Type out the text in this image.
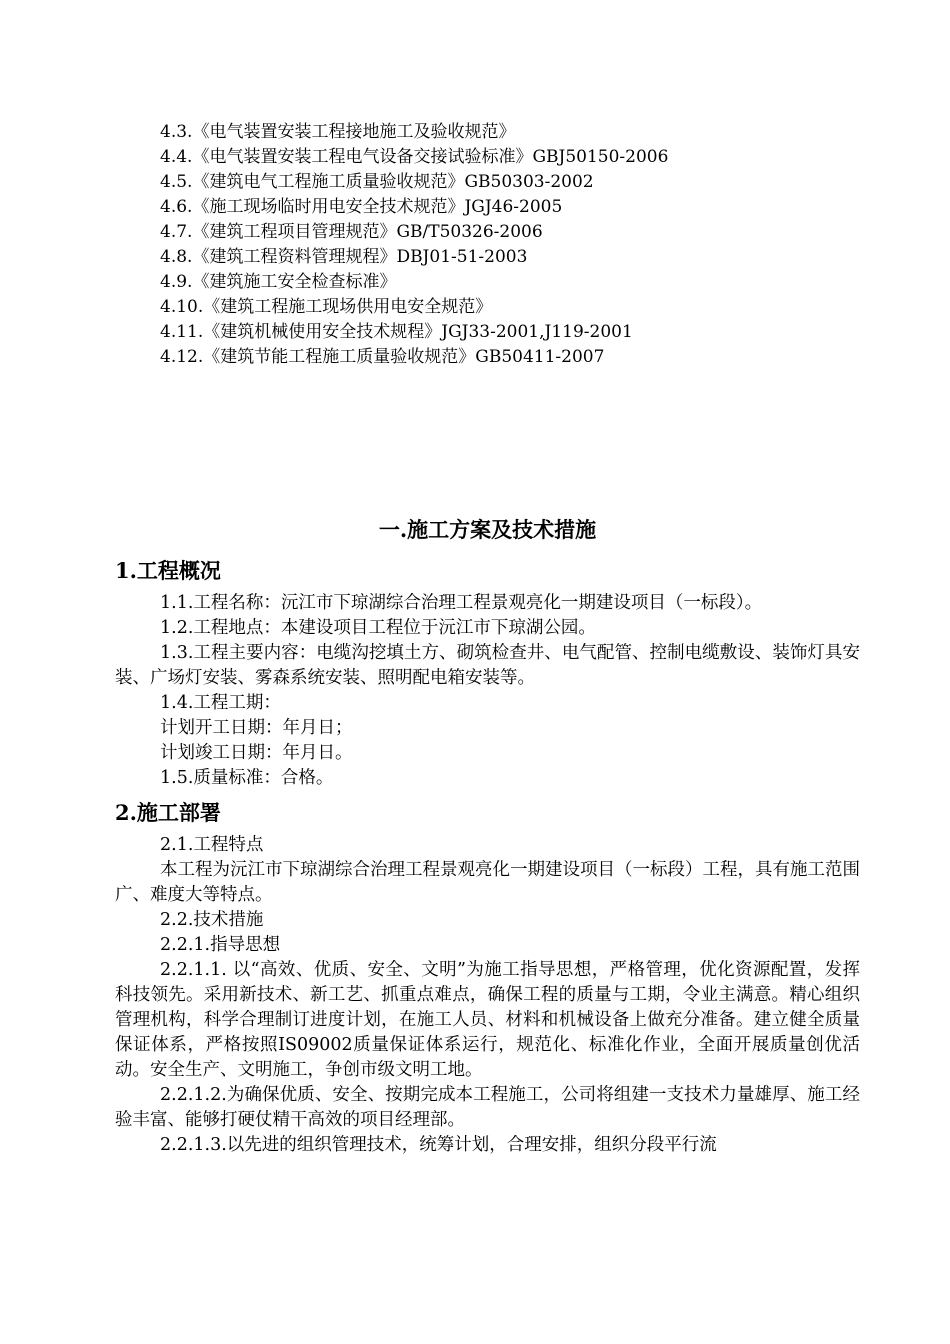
4.3.《电气装置安装工程接地施工及验收规范》
4.4.《电气装置安装工程电气设备交接试验标准》GBJ50150-2006
4.5.《建筑电气工程施工质量验收规范》GB50303-2002
4.6.《施工现场临时用电安全技术规范》JGJ46-2005
4.7.《建筑工程项目管理规范》GB/T50326-2006
4.8.《建筑工程资料管理规程》DBJ01-51-2003
4.9.《建筑施工安全检查标准》
4.10.《建筑工程施工现场供用电安全规范》
4.11.《建筑机械使用安全技术规程》JGJ33-2001,J119-2001
4.12.《建筑节能工程施工质量验收规范》GB50411-2007
一.施工方案及技术措施
1.工程概况

1.1.工程名称：沅江市下琼湖综合治理工程景观亮化一期建设项目（一标段）。

1.2.工程地点：本建设项目工程位于沅江市下琼湖公园。

1.3.工程主要内容：电缆沟挖填土方、砌筑检查井、电气配管、控制电缆敷设、装饰灯具安装、广场灯安装、雾森系统安装、照明配电箱安装等。

1.4.工程工期：

计划开工日期：年月日；

计划竣工日期：年月日。

1.5.质量标准：合格。

2.施工部署

2.1.工程特点

本工程为沅江市下琼湖综合治理工程景观亮化一期建设项目（一标段）工程，具有施工范围广、难度大等特点。

2.2.技术措施

2.2.1.指导思想

2.2.1.1. 以“高效、优质、安全、文明”为施工指导思想，严格管理，优化资源配置，发挥科技领先。采用新技术、新工艺、抓重点难点，确保工程的质量与工期，令业主满意。精心组织管理机构，科学合理制订进度计划，在施工人员、材料和机械设备上做充分准备。建立健全质量保证体系，严格按照IS09002质量保证体系运行，规范化、标准化作业，全面开展质量创优活动。安全生产、文明施工，争创市级文明工地。

2.2.1.2.为确保优质、安全、按期完成本工程施工，公司将组建一支技术力量雄厚、施工经验丰富、能够打硬仗精干高效的项目经理部。

2.2.1.3.以先进的组织管理技术，统筹计划，合理安排，组织分段平行流
